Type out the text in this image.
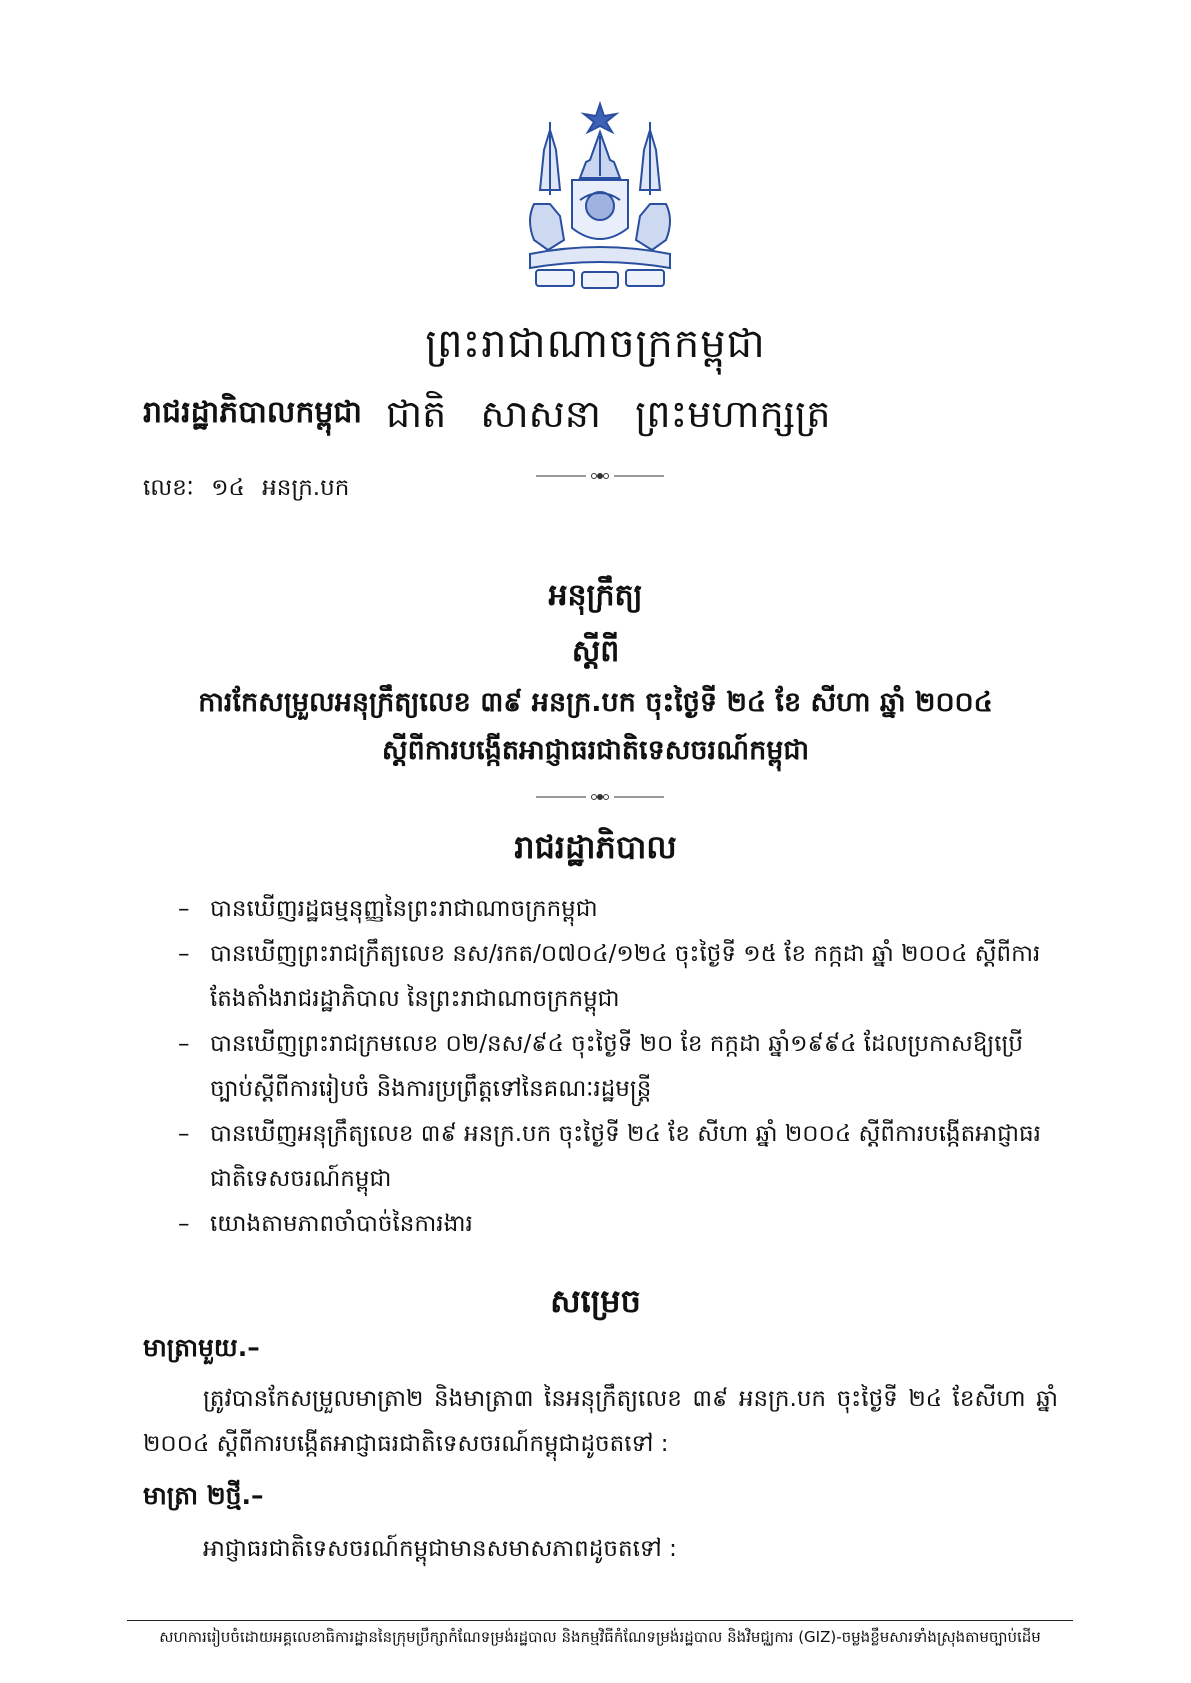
ព្រះរាជាណាចក្រកម្ពុជា
រាជរដ្ឋាភិបាលកម្ពុជា ជាតិ សាសនា ព្រះមហាក្សត្រ
លេខៈ ១៤ អនក្រ.បក
អនុក្រឹត្យ
ស្តីពី
ការកែសម្រួលអនុក្រឹត្យលេខ ៣៩ អនក្រ.បក ចុះថ្ងៃទី ២៤ ខែ សីហា ឆ្នាំ ២០០៤
ស្តីពីការបង្កើតអាជ្ញាធរជាតិទេសចរណ៍កម្ពុជា
រាជរដ្ឋាភិបាល
– បានឃើញរដ្ឋធម្មនុញ្ញនៃព្រះរាជាណាចក្រកម្ពុជា
– បានឃើញព្រះរាជក្រឹត្យលេខ នស/រកត/០៧០៤/១២៤ ចុះថ្ងៃទី ១៥ ខែ កក្កដា ឆ្នាំ ២០០៤ ស្តីពីការតែងតាំងរាជរដ្ឋាភិបាល នៃព្រះរាជាណាចក្រកម្ពុជា
– បានឃើញព្រះរាជក្រមលេខ ០២/នស/៩៤ ចុះថ្ងៃទី ២០ ខែ កក្កដា ឆ្នាំ១៩៩៤ ដែលប្រកាសឱ្យប្រើច្បាប់ស្តីពីការរៀបចំ និងការប្រព្រឹត្តទៅនៃគណៈរដ្ឋមន្ត្រី
– បានឃើញអនុក្រឹត្យលេខ ៣៩ អនក្រ.បក ចុះថ្ងៃទី ២៤ ខែ សីហា ឆ្នាំ ២០០៤ ស្តីពីការបង្កើតអាជ្ញាធរជាតិទេសចរណ៍កម្ពុជា
– យោងតាមភាពចាំបាច់នៃការងារ
សម្រេច
មាត្រាមួយ.–
ត្រូវបានកែសម្រួលមាត្រា២ និងមាត្រា៣ នៃអនុក្រឹត្យលេខ ៣៩ អនក្រ.បក ចុះថ្ងៃទី ២៤ ខែសីហា ឆ្នាំ ២០០៤ ស្តីពីការបង្កើតអាជ្ញាធរជាតិទេសចរណ៍កម្ពុជាដូចតទៅ :
មាត្រា ២ថ្មី.–
អាជ្ញាធរជាតិទេសចរណ៍កម្ពុជាមានសមាសភាពដូចតទៅ :
សហការរៀបចំដោយអគ្គលេខាធិការដ្ឋាននៃក្រុមប្រឹក្សាកំណែទម្រង់រដ្ឋបាល និងកម្មវិធីកំណែទម្រង់រដ្ឋបាល និងវិមជ្ឈការ (GIZ)-ចម្លងខ្លឹមសារទាំងស្រុងតាមច្បាប់ដើម
